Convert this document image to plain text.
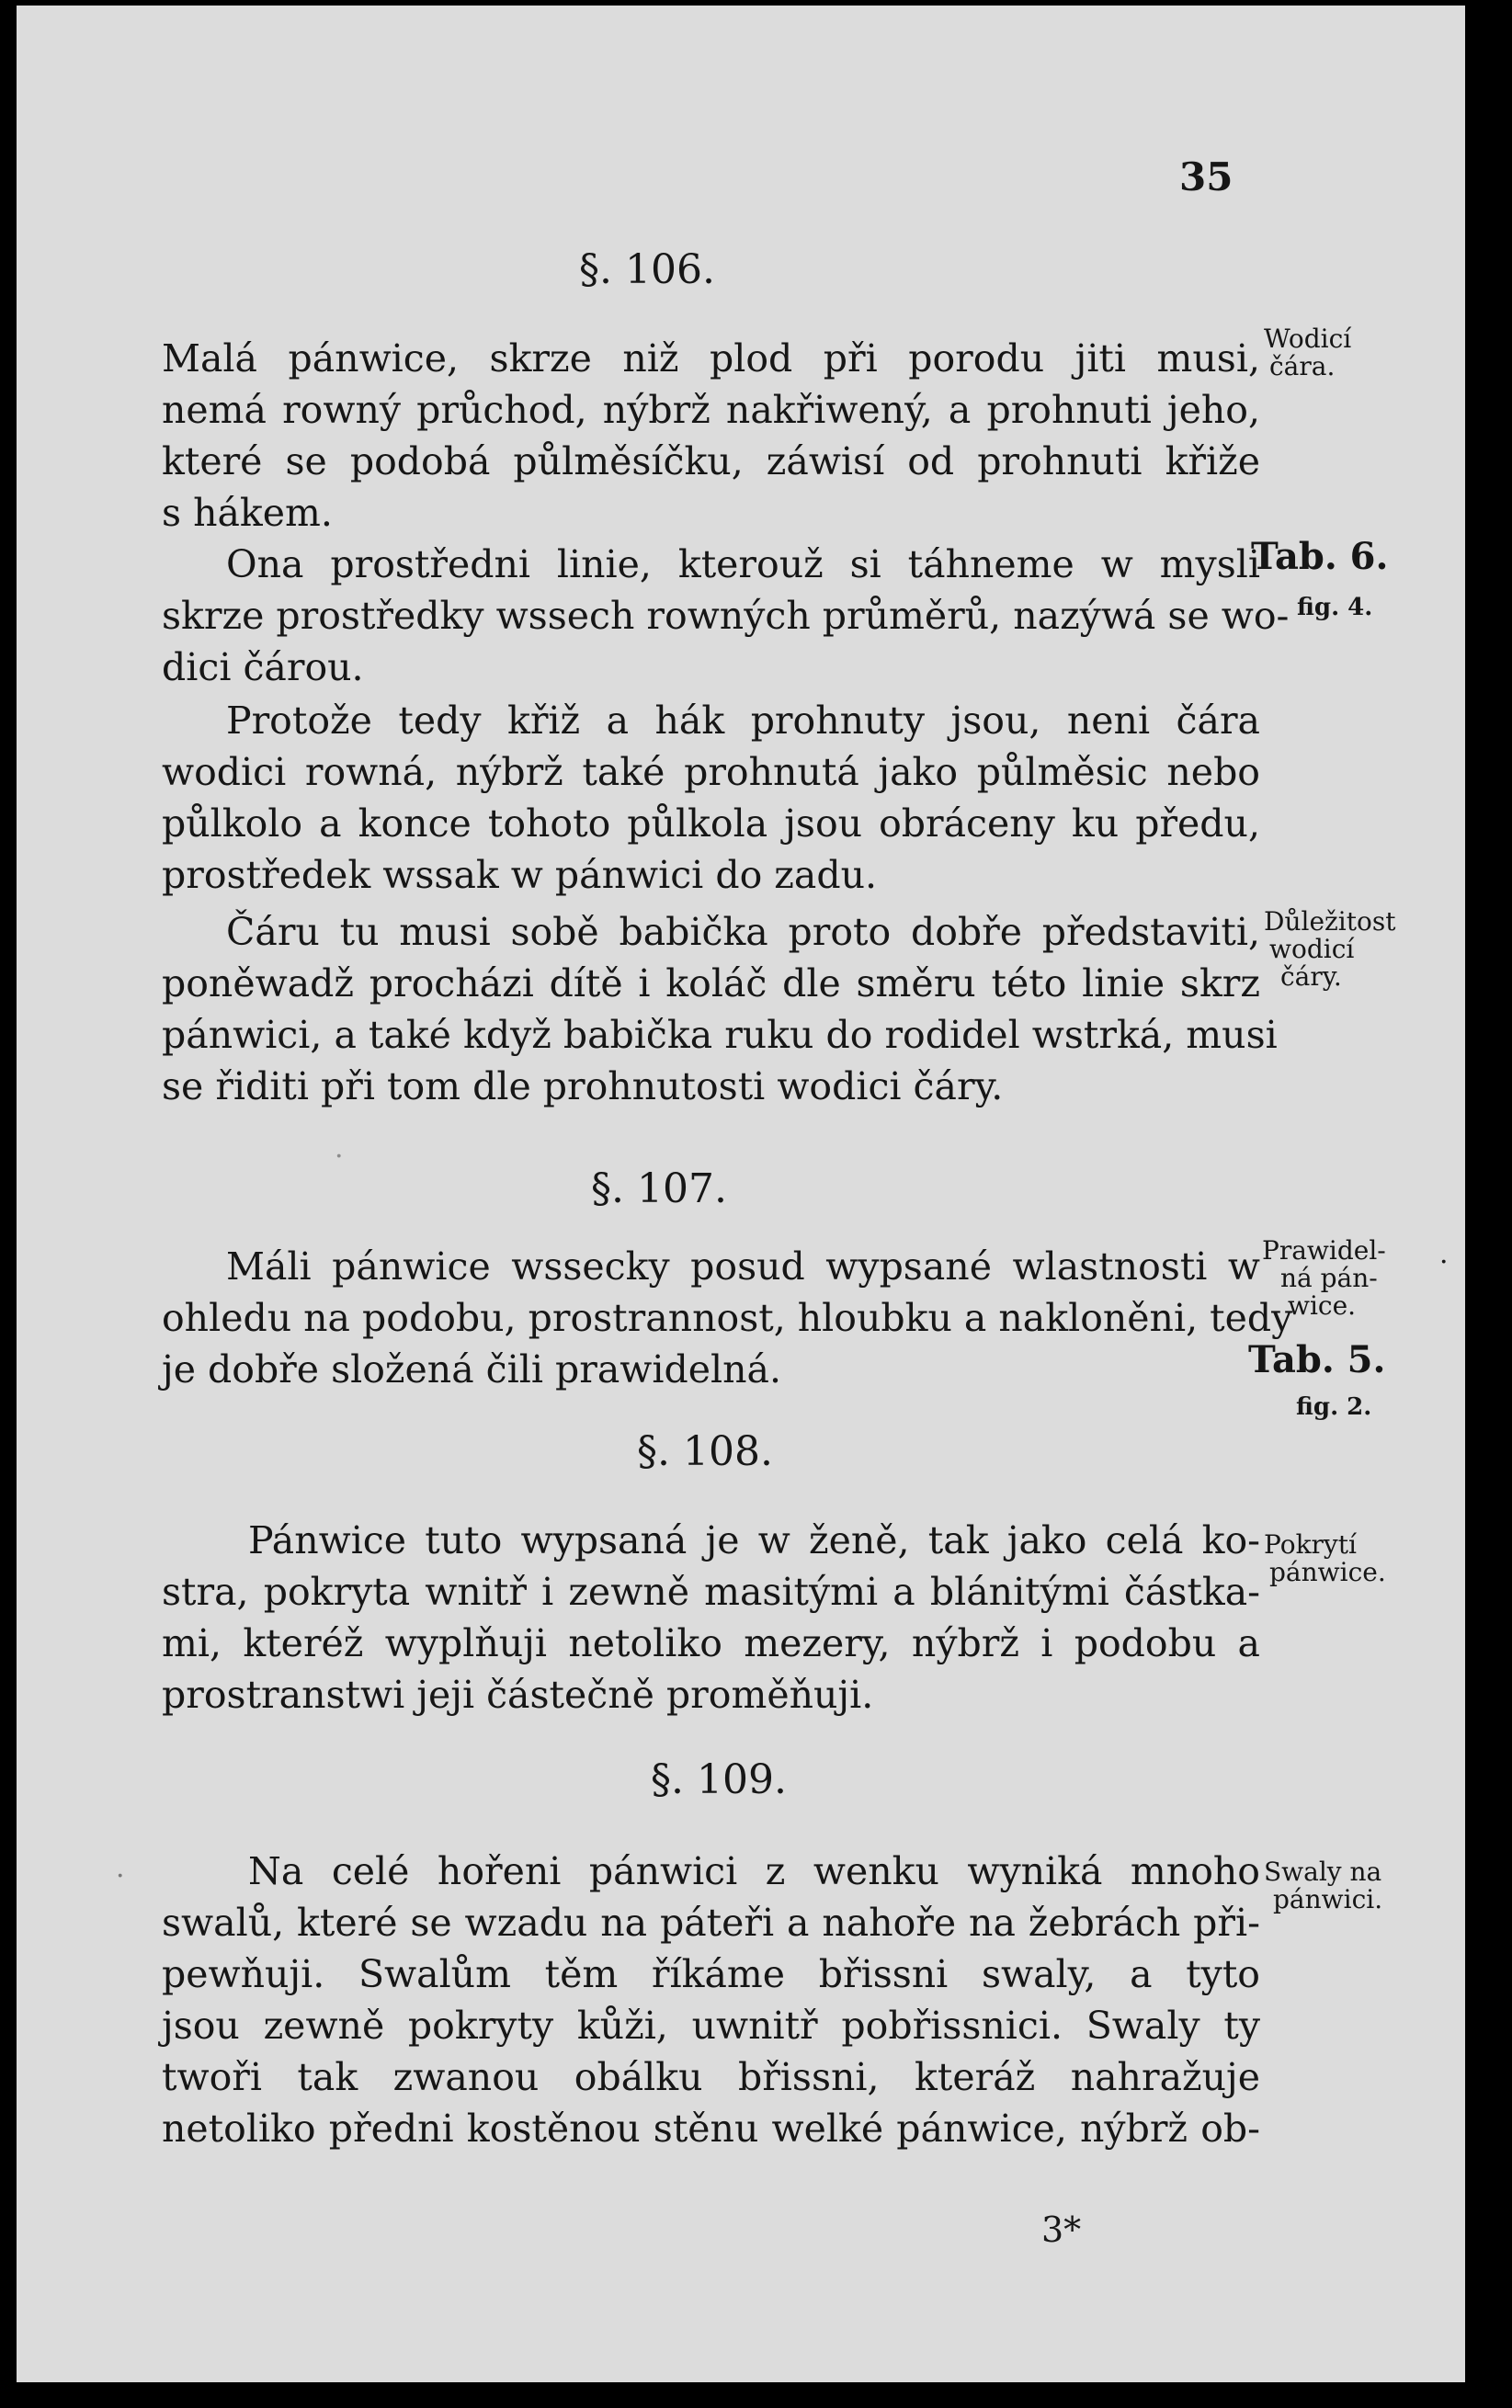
35
§. 106.
Malá pánwice, skrze niž plod při porodu jiti musi,
nemá rowný průchod, nýbrž nakřiwený, a prohnuti jeho,
které se podobá půlměsíčku, záwisí od prohnuti křiže
s hákem.
Ona prostředni linie, kterouž si táhneme w mysli
skrze prostředky wssech rowných průměrů, nazýwá se wo-
dici čárou.
Protože tedy křiž a hák prohnuty jsou, neni čára
wodici rowná, nýbrž také prohnutá jako půlměsic nebo
půlkolo a konce tohoto půlkola jsou obráceny ku předu,
prostředek wssak w pánwici do zadu.
Čáru tu musi sobě babička proto dobře představiti,
poněwadž procházi dítě i koláč dle směru této linie skrz
pánwici, a také když babička ruku do rodidel wstrká, musi
se řiditi při tom dle prohnutosti wodici čáry.
§. 107.
Máli pánwice wssecky posud wypsané wlastnosti w
ohledu na podobu, prostrannost, hloubku a nakloněni, tedy
je dobře složená čili prawidelná.
§. 108.
Pánwice tuto wypsaná je w ženě, tak jako celá ko-
stra, pokryta wnitř i zewně masitými a blánitými částka-
mi, kteréž wyplňuji netoliko mezery, nýbrž i podobu a
prostranstwi jeji částečně proměňuji.
§. 109.
Na celé hořeni pánwici z wenku wyniká mnoho
swalů, které se wzadu na páteři a nahoře na žebrách při-
pewňuji. Swalům těm říkáme břissni swaly, a tyto
jsou zewně pokryty kůži, uwnitř pobřissnici. Swaly ty
twoři tak zwanou obálku břissni, kteráž nahražuje
netoliko předni kostěnou stěnu welké pánwice, nýbrž ob-
Wodicí
čára.
Tab. 6.
fig. 4.
Důležitost
wodicí
čáry.
Prawidel-
ná pán-
wice.
Tab. 5.
fig. 2.
Pokrytí
pánwice.
Swaly na
pánwici.
3*
·
·
·
